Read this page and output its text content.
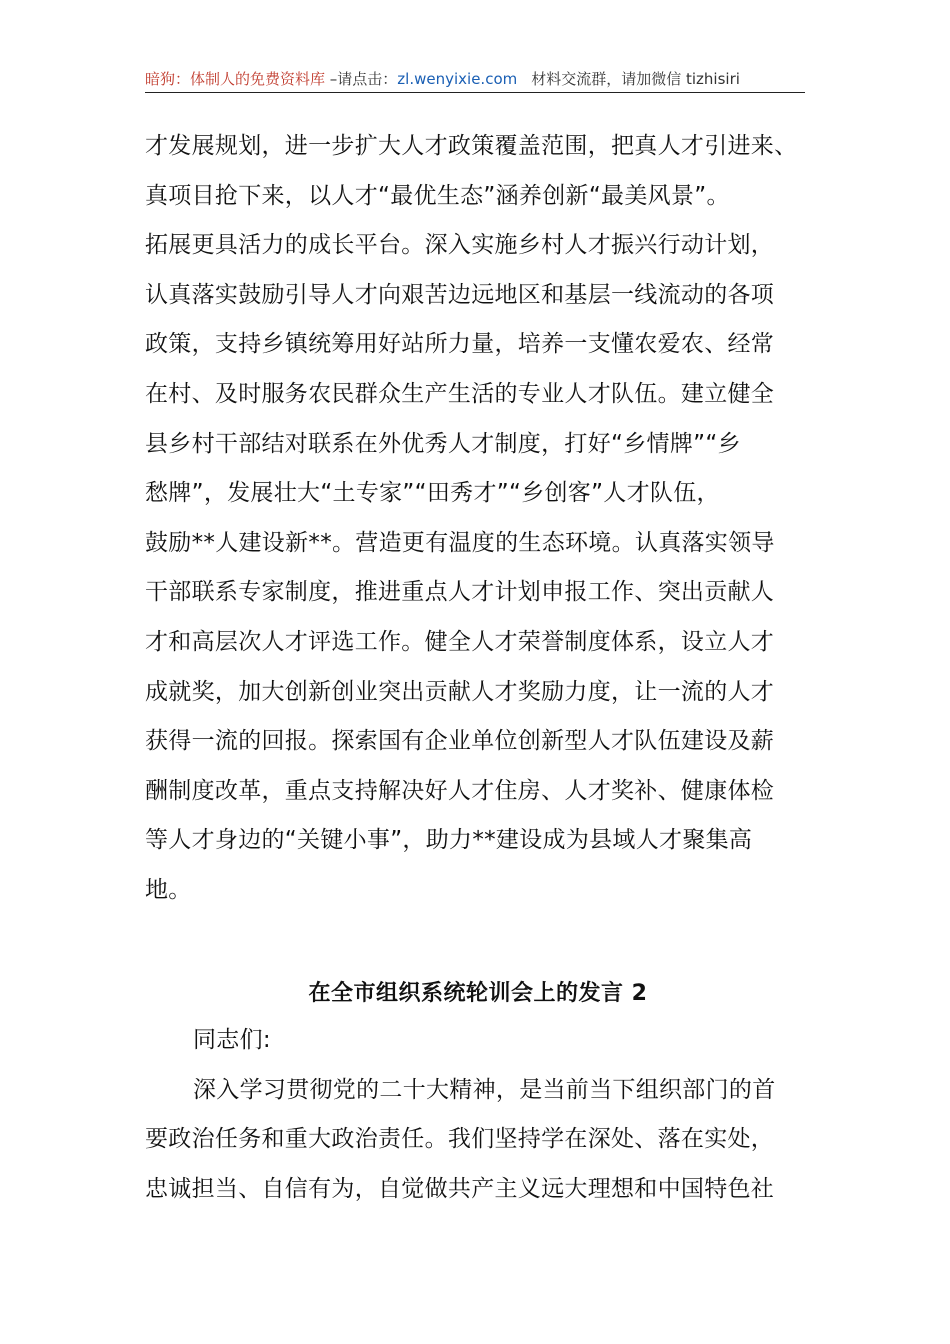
暗狗：体制人的免费资料库 –请点击：zl.wenyixie.com 材料交流群，请加微信 tizhisiri
才发展规划，进一步扩大人才政策覆盖范围，把真人才引进来、
真项目抢下来，以人才“最优生态”涵养创新“最美风景”。
拓展更具活力的成长平台。深入实施乡村人才振兴行动计划，
认真落实鼓励引导人才向艰苦边远地区和基层一线流动的各项
政策，支持乡镇统筹用好站所力量，培养一支懂农爱农、经常
在村、及时服务农民群众生产生活的专业人才队伍。建立健全
县乡村干部结对联系在外优秀人才制度，打好“乡情牌”“乡
愁牌”，发展壮大“土专家”“田秀才”“乡创客”人才队伍，
鼓励**人建设新**。营造更有温度的生态环境。认真落实领导
干部联系专家制度，推进重点人才计划申报工作、突出贡献人
才和高层次人才评选工作。健全人才荣誉制度体系，设立人才
成就奖，加大创新创业突出贡献人才奖励力度，让一流的人才
获得一流的回报。探索国有企业单位创新型人才队伍建设及薪
酬制度改革，重点支持解决好人才住房、人才奖补、健康体检
等人才身边的“关键小事”，助力**建设成为县域人才聚集高
地。
在全市组织系统轮训会上的发言 2
同志们:
深入学习贯彻党的二十大精神，是当前当下组织部门的首
要政治任务和重大政治责任。我们坚持学在深处、落在实处，
忠诚担当、自信有为，自觉做共产主义远大理想和中国特色社
